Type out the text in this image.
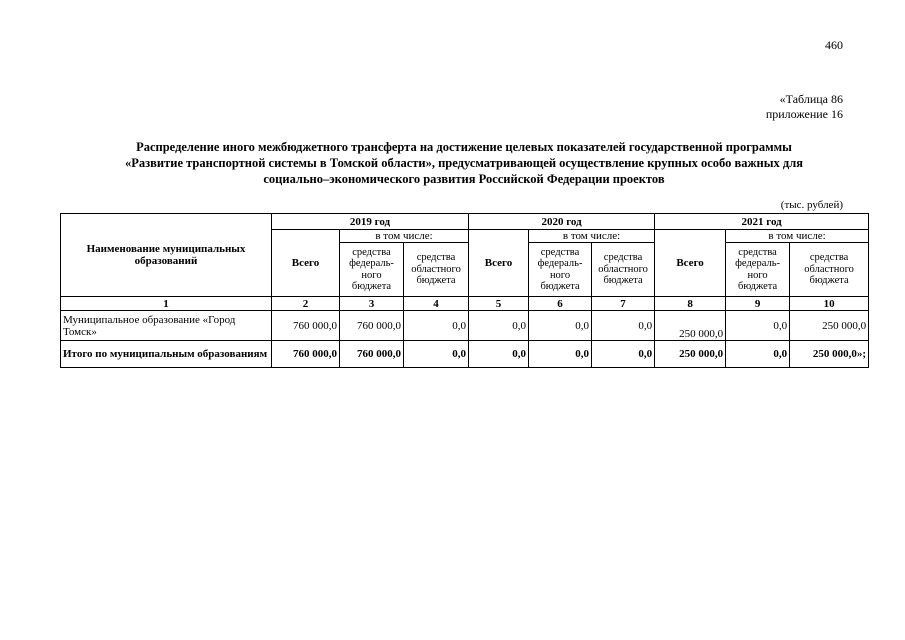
460
«Таблица 86
приложение 16
Распределение иного межбюджетного трансферта на достижение целевых показателей государственной программы
«Развитие транспортной системы в Томской области», предусматривающей осуществление крупных особо важных для
социально–экономического развития Российской Федерации проектов
(тыс. рублей)
Наименование муниципальных образований	2019 год			2020 год			2021 год		
	Всего	в том числе:		Всего	в том числе:		Всего	в том числе:	
		средства федераль-ного бюджета	средства областного бюджета		средства федераль-ного бюджета	средства областного бюджета		средства федераль-ного бюджета	средства областного бюджета
1	2	3	4	5	6	7	8	9	10
Муниципальное образование «Город Томск»	760 000,0	760 000,0	0,0	0,0	0,0	0,0	250 000,0	0,0	250 000,0
Итого по муниципальным образованиям	760 000,0	760 000,0	0,0	0,0	0,0	0,0	250 000,0	0,0	250 000,0»;
